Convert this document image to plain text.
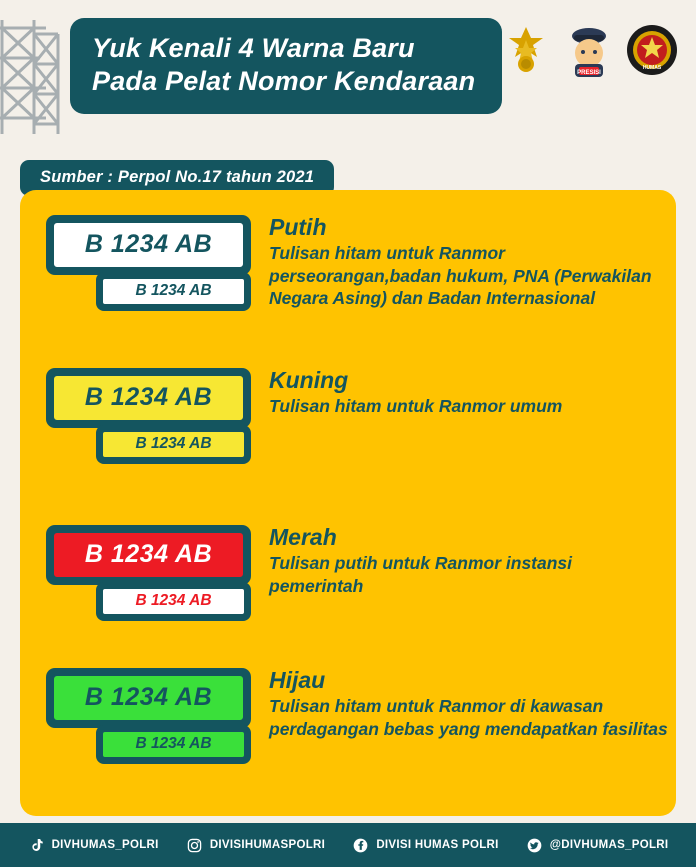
Yuk Kenali 4 Warna Baru Pada Pelat Nomor Kendaraan	PRESISI
HUMAS
Sumber : Perpol No.17 tahun 2021
B 1234 AB
B 1234 AB
Putih
Tulisan hitam untuk Ranmor perseorangan,badan hukum, PNA (Perwakilan Negara Asing) dan Badan Internasional
B 1234 AB
B 1234 AB
Kuning
Tulisan hitam untuk Ranmor umum
B 1234 AB
B 1234 AB
Merah
Tulisan putih untuk Ranmor instansi pemerintah
B 1234 AB
B 1234 AB
Hijau
Tulisan hitam untuk Ranmor di kawasan perdagangan bebas yang mendapatkan fasilitas
DIVHUMAS_POLRI	DIVISIHUMASPOLRI	DIVISI HUMAS POLRI	@DIVHUMAS_POLRI
